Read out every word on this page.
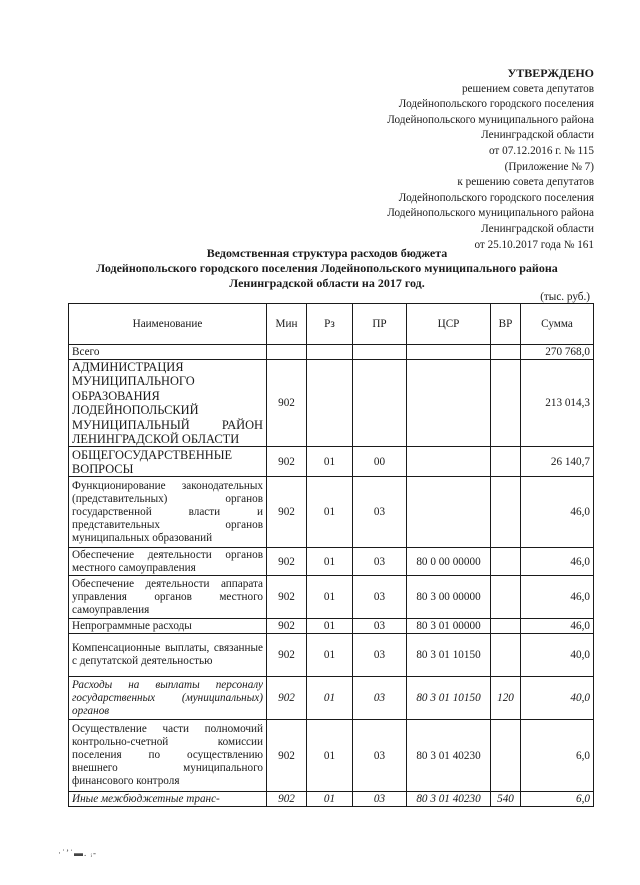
УТВЕРЖДЕНО
решением совета депутатов
Лодейнопольского городского поселения
Лодейнопольского муниципального района
Ленинградской области
от 07.12.2016 г. № 115
(Приложение № 7)
к решению совета депутатов
Лодейнопольского городского поселения
Лодейнопольского муниципального района
Ленинградской области
от 25.10.2017 года № 161
Ведомственная структура расходов бюджета
Лодейнопольского городского поселения Лодейнопольского муниципального района
Ленинградской области на 2017 год.
(тыс. руб.)
Наименование	Мин	Рз	ПР	ЦСР	ВР	Сумма
Всего						270 768,0
АДМИНИСТРАЦИЯ МУНИЦИПАЛЬНОГО ОБРАЗОВАНИЯ ЛОДЕЙНОПОЛЬСКИЙ МУНИЦИПАЛЬНЫЙ РАЙОН ЛЕНИНГРАДСКОЙ ОБЛАСТИ	902					213 014,3
ОБЩЕГОСУДАРСТВЕННЫЕ ВОПРОСЫ	902	01	00			26 140,7
Функционирование законодательных (представительных) органов государственной власти и представительных органов муниципальных образований	902	01	03			46,0
Обеспечение деятельности органов местного самоуправления	902	01	03	80 0 00 00000		46,0
Обеспечение деятельности аппарата управления органов местного самоуправления	902	01	03	80 3 00 00000		46,0
Непрограммные расходы	902	01	03	80 3 01 00000		46,0
Компенсационные выплаты, связанные с депутатской деятельностью	902	01	03	80 3 01 10150		40,0
Расходы на выплаты персоналу государственных (муниципальных) органов	902	01	03	80 3 01 10150	120	40,0
Осуществление части полномочий контрольно-счетной комиссии поселения по осуществлению внешнего муниципального финансового контроля	902	01	03	80 3 01 40230		6,0
Иные межбюджетные транс-	902	01	03	80 3 01 40230	540	6,0
·˙ʼˈ▬. ᵢ-
